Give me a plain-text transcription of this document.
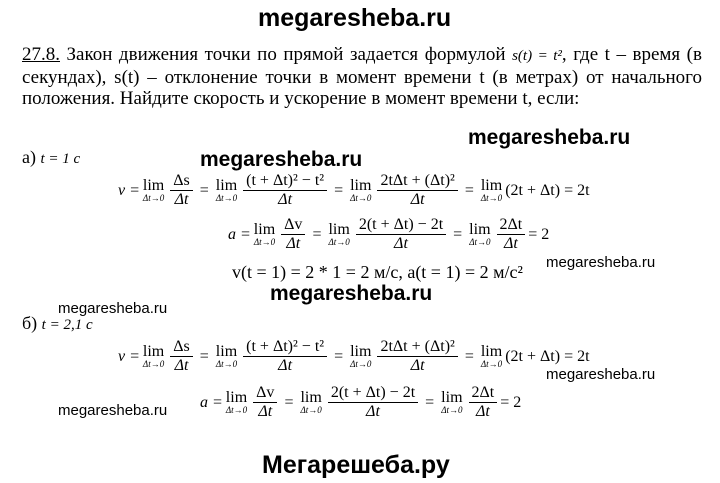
megaresheba.ru
megaresheba.ru
megaresheba.ru
megaresheba.ru
megaresheba.ru
megaresheba.ru
megaresheba.ru
megaresheba.ru
Мегарешеба.ру
27.8. Закон движения точки по прямой задается формулой s(t) = t², где t – время (в секундах), s(t) – отклонение точки в момент времени t (в метрах) от начального положения. Найдите скорость и ускорение в момент времени t, если:
а) t = 1 с
v = lim
$\Delta t\to 0 \frac{\Delta s}{\Delta t} = \lim$
$\Delta t\to 0 \frac{\text{(t + Δt)² − t²}}{\Delta t} = \lim$
$\Delta t\to 0 \frac{\text{2tΔt + (Δt)²}}{\Delta t} = \lim$
Δt→0 (2t + Δt) = 2t
a = lim
$\Delta t\to 0 \frac{\Delta v}{\Delta t} = \lim$
$\Delta t\to 0 \frac{2(t + \Delta t) - 2t}{\Delta t} = \lim$
$\Delta t\to 0 \frac{2\Delta t}{\Delta t} = 2$
v(t = 1) = 2 * 1 = 2 м/с, a(t = 1) = 2 м/с²
б) t = 2,1 с
v = lim
$\Delta t\to 0 \frac{\Delta s}{\Delta t} = \lim$
$\Delta t\to 0 \frac{\text{(t + Δt)² − t²}}{\Delta t} = \lim$
$\Delta t\to 0 \frac{\text{2tΔt + (Δt)²}}{\Delta t} = \lim$
Δt→0 (2t + Δt) = 2t
a = lim
$\Delta t\to 0 \frac{\Delta v}{\Delta t} = \lim$
$\Delta t\to 0 \frac{2(t + \Delta t) - 2t}{\Delta t} = \lim$
$\Delta t\to 0 \frac{2\Delta t}{\Delta t} = 2$
